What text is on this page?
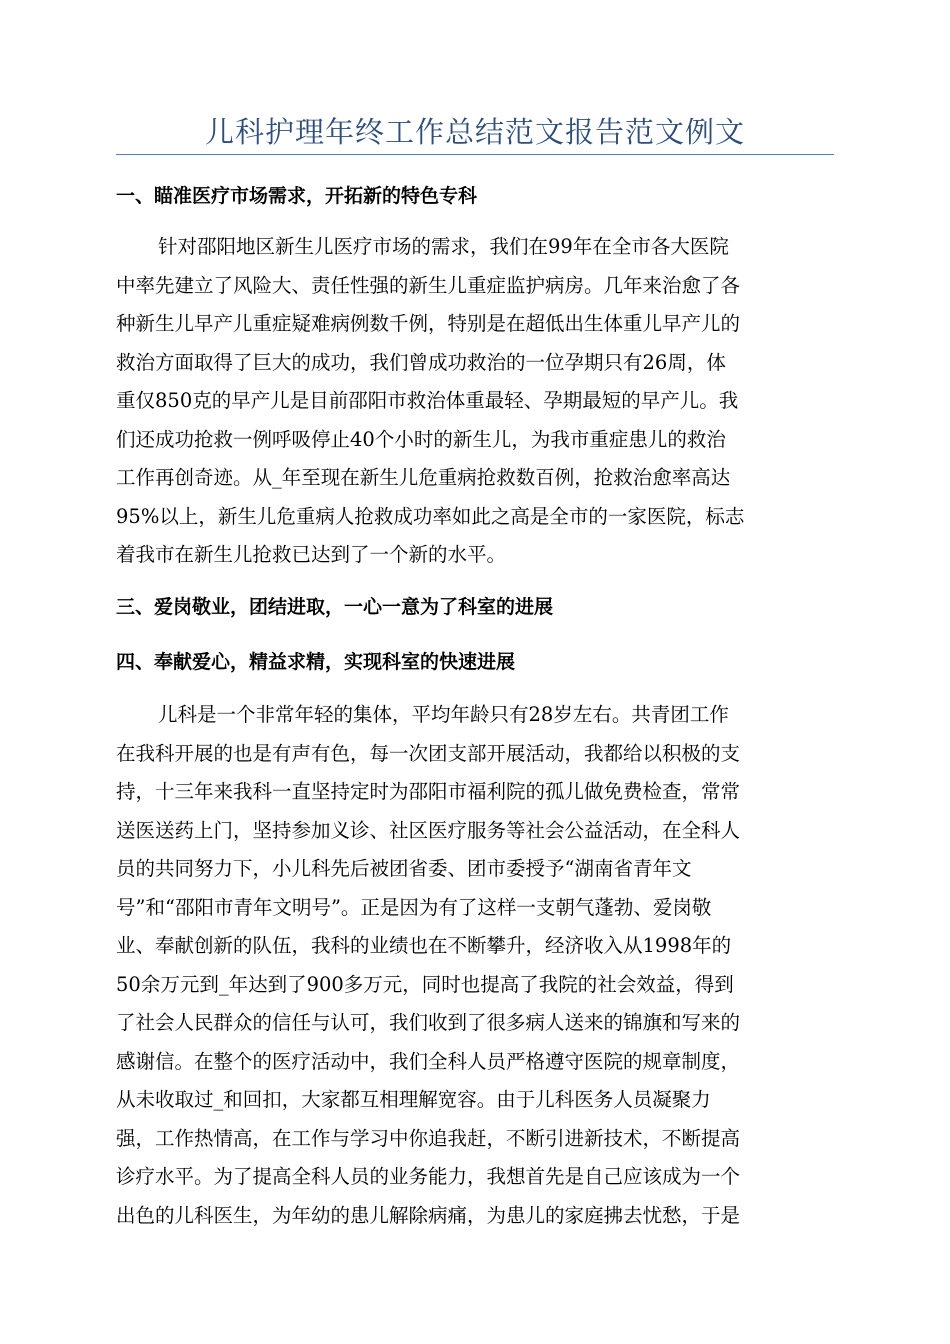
儿科护理年终工作总结范文报告范文例文
一、瞄准医疗市场需求，开拓新的特色专科
针对邵阳地区新生儿医疗市场的需求，我们在99年在全市各大医院
中率先建立了风险大、责任性强的新生儿重症监护病房。几年来治愈了各
种新生儿早产儿重症疑难病例数千例，特别是在超低出生体重儿早产儿的
救治方面取得了巨大的成功，我们曾成功救治的一位孕期只有26周，体
重仅850克的早产儿是目前邵阳市救治体重最轻、孕期最短的早产儿。我
们还成功抢救一例呼吸停止40个小时的新生儿，为我市重症患儿的救治
工作再创奇迹。从_年至现在新生儿危重病抢救数百例，抢救治愈率高达
95%以上，新生儿危重病人抢救成功率如此之高是全市的一家医院，标志
着我市在新生儿抢救已达到了一个新的水平。
三、爱岗敬业，团结进取，一心一意为了科室的进展
四、奉献爱心，精益求精，实现科室的快速进展
儿科是一个非常年轻的集体，平均年龄只有28岁左右。共青团工作
在我科开展的也是有声有色，每一次团支部开展活动，我都给以积极的支
持，十三年来我科一直坚持定时为邵阳市福利院的孤儿做免费检查，常常
送医送药上门，坚持参加义诊、社区医疗服务等社会公益活动，在全科人
员的共同努力下，小儿科先后被团省委、团市委授予“湖南省青年文
号”和“邵阳市青年文明号”。正是因为有了这样一支朝气蓬勃、爱岗敬
业、奉献创新的队伍，我科的业绩也在不断攀升，经济收入从1998年的
50余万元到_年达到了900多万元，同时也提高了我院的社会效益，得到
了社会人民群众的信任与认可，我们收到了很多病人送来的锦旗和写来的
感谢信。在整个的医疗活动中，我们全科人员严格遵守医院的规章制度，
从未收取过_和回扣，大家都互相理解宽容。由于儿科医务人员凝聚力
强，工作热情高，在工作与学习中你追我赶，不断引进新技术，不断提高
诊疗水平。为了提高全科人员的业务能力，我想首先是自己应该成为一个
出色的儿科医生，为年幼的患儿解除病痛，为患儿的家庭拂去忧愁，于是
